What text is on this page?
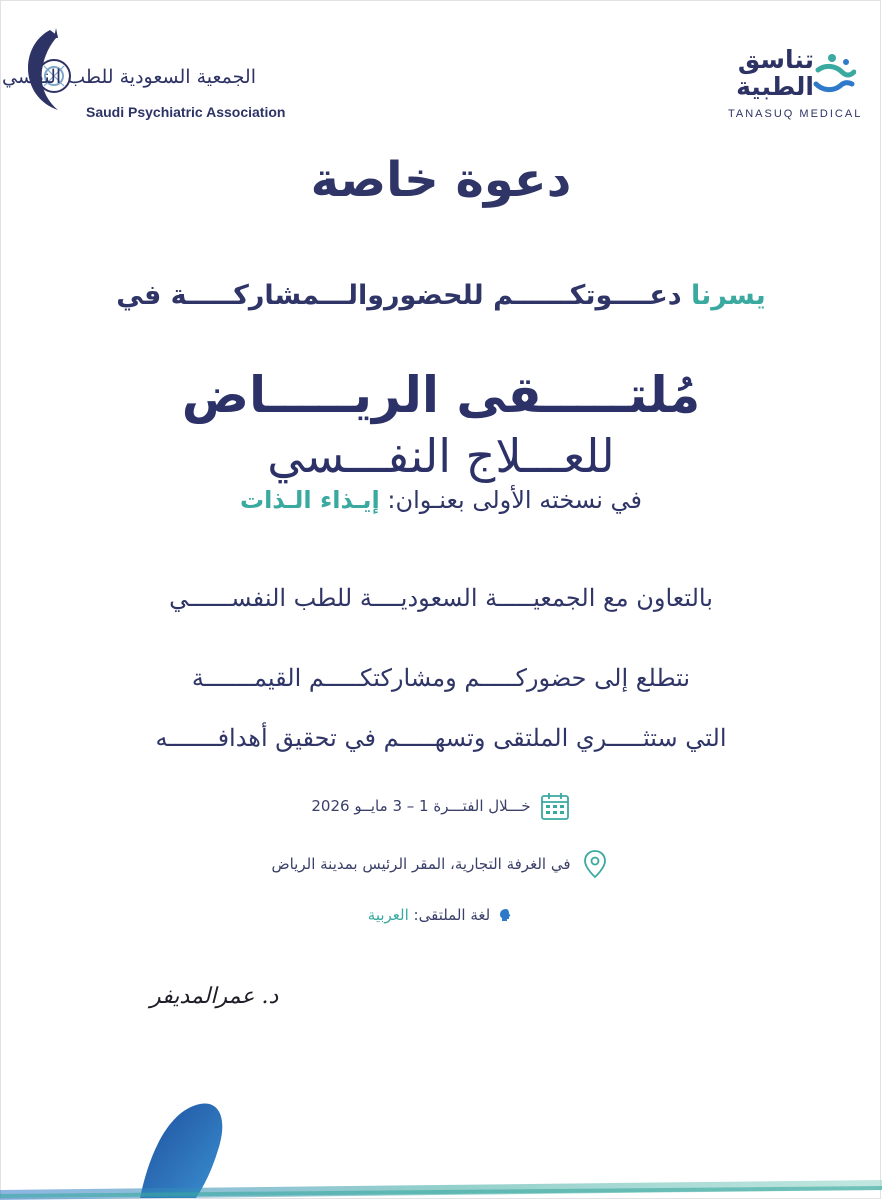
الجمعية السعودية للطب النفسي
Saudi Psychiatric Association
تناسق
الطبية
TANASUQ MEDICAL
دعوة خاصة
يسرنا دعــــوتكــــــم للحضوروالـــمشاركـــــة في
مُلتـــــقى الريـــــاض
للعـــلاج النفـــسي
في نسخته الأولى بعنـوان: إيـذاء الـذات
بالتعاون مع الجمعيـــــة السعوديــــة للطب النفســــــي
نتطلع إلى حضوركـــــم ومشاركتكـــــم القيمـــــــة
التي ستثـــــري الملتقى وتسهـــــم في تحقيق أهدافـــــــه
خـــلال الفتـــرة 1 – 3 مايــو 2026
في الغرفة التجارية، المقر الرئيس بمدينة الرياض
لغة الملتقى: العربية
د. عمرالمديفر
